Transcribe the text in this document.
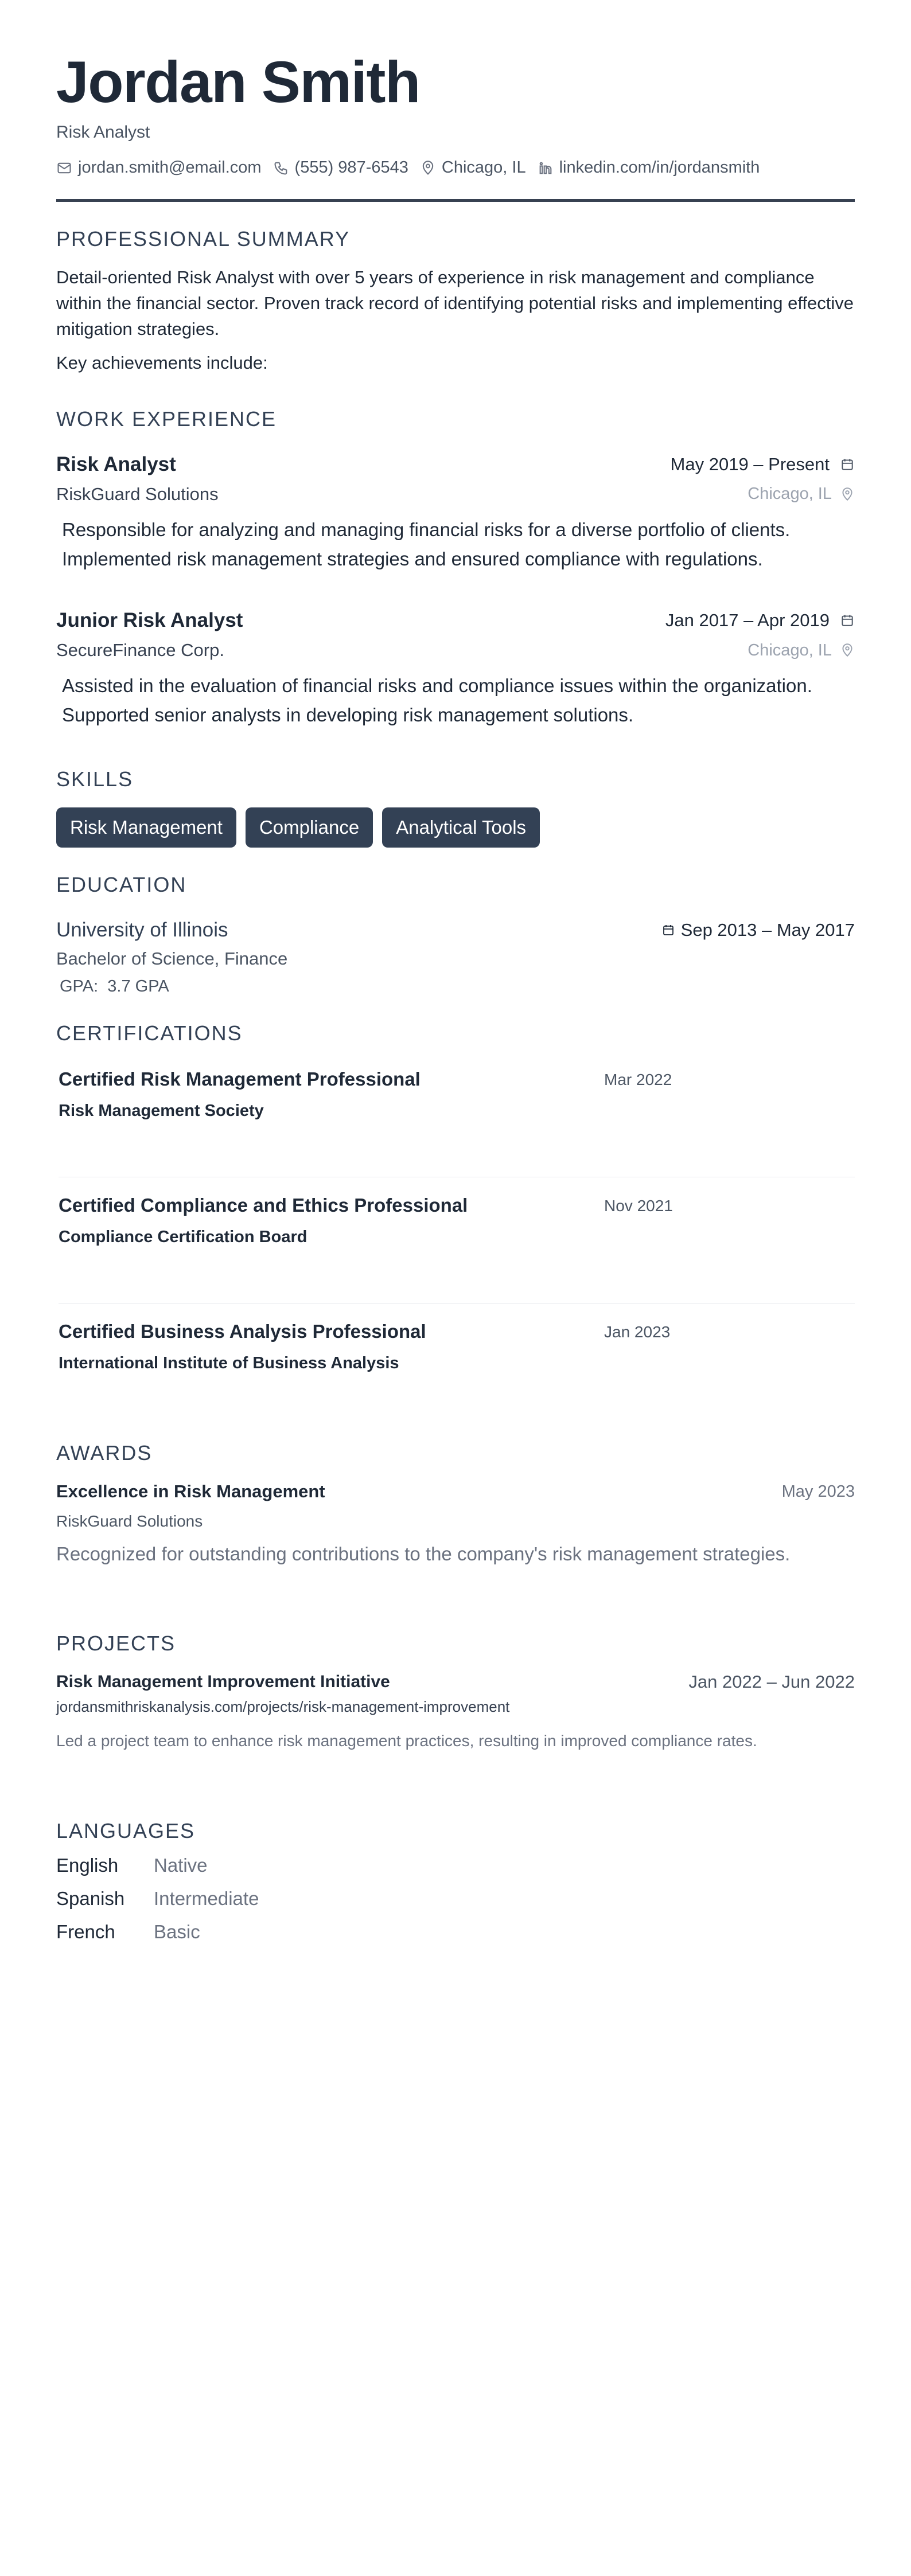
Jordan Smith
Risk Analyst
jordan.smith@email.com (555) 987-6543 Chicago, IL linkedin.com/in/jordansmith
PROFESSIONAL SUMMARY

Detail-oriented Risk Analyst with over 5 years of experience in risk management and compliance within the financial sector. Proven track record of identifying potential risks and implementing effective mitigation strategies.

Key achievements include:

WORK EXPERIENCE
Risk Analyst	May 2019 – Present
RiskGuard Solutions	Chicago, IL
Responsible for analyzing and managing financial risks for a diverse portfolio of clients. Implemented risk management strategies and ensured compliance with regulations.
Junior Risk Analyst	Jan 2017 – Apr 2019
SecureFinance Corp.	Chicago, IL
Assisted in the evaluation of financial risks and compliance issues within the organization. Supported senior analysts in developing risk management solutions.
SKILLS
Risk Management	Compliance	Analytical Tools
EDUCATION
University of Illinois	Sep 2013 – May 2017
Bachelor of Science, Finance
GPA: 3.7 GPA
CERTIFICATIONS
Certified Risk Management Professional	Mar 2022
Risk Management Society
Certified Compliance and Ethics Professional	Nov 2021
Compliance Certification Board
Certified Business Analysis Professional	Jan 2023
International Institute of Business Analysis
AWARDS
Excellence in Risk Management	May 2023
RiskGuard Solutions
Recognized for outstanding contributions to the company's risk management strategies.
PROJECTS
Risk Management Improvement Initiative	Jan 2022 – Jun 2022
jordansmithriskanalysis.com/projects/risk-management-improvement
Led a project team to enhance risk management practices, resulting in improved compliance rates.
LANGUAGES
English	Native
Spanish	Intermediate
French	Basic
